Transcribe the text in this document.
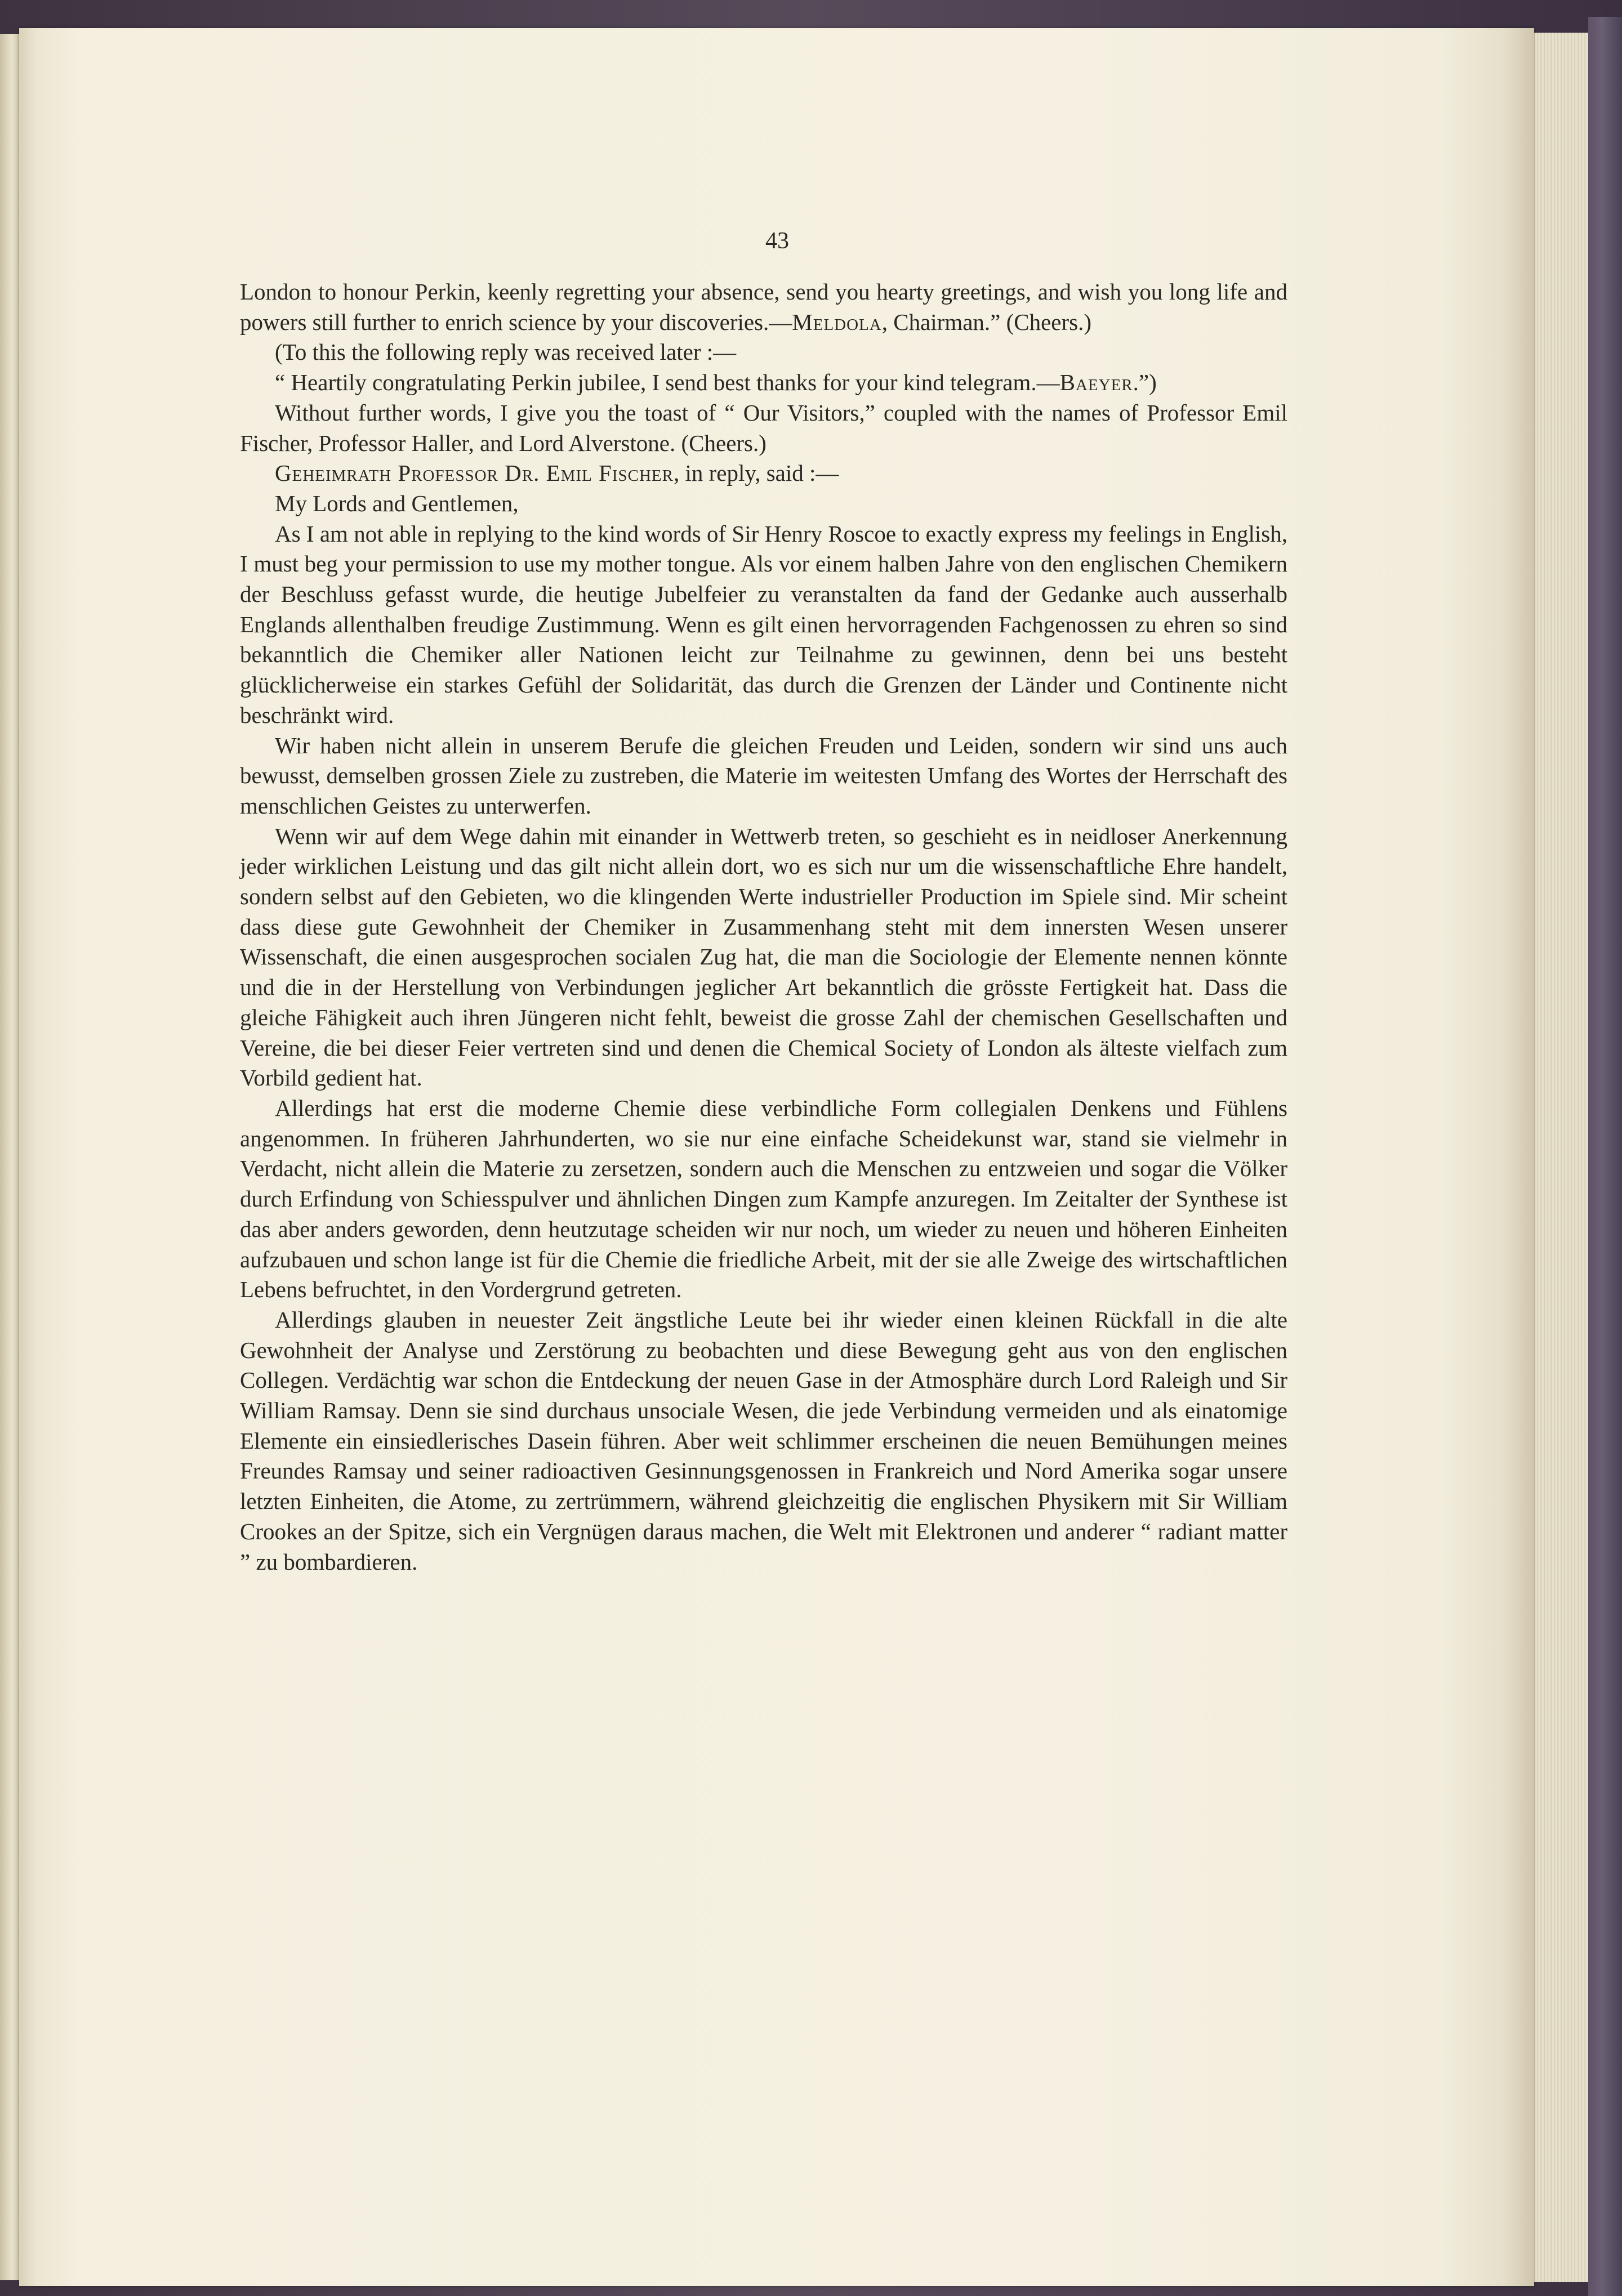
43

London to honour Perkin, keenly regretting your absence, send you hearty greetings, and wish you long life and powers still further to enrich science by your discoveries.—Meldola, Chairman.” (Cheers.)

(To this the following reply was received later :—

“ Heartily congratulating Perkin jubilee, I send best thanks for your kind telegram.—Baeyer.”)

Without further words, I give you the toast of “ Our Visitors,” coupled with the names of Professor Emil Fischer, Professor Haller, and Lord Alverstone. (Cheers.)

Geheimrath Professor Dr. Emil Fischer, in reply, said :—

My Lords and Gentlemen,

As I am not able in replying to the kind words of Sir Henry Roscoe to exactly express my feelings in English, I must beg your permission to use my mother tongue. Als vor einem halben Jahre von den englischen Chemikern der Beschluss gefasst wurde, die heutige Jubelfeier zu veranstalten da fand der Gedanke auch ausserhalb Englands allenthalben freudige Zustimmung. Wenn es gilt einen hervorragenden Fachgenossen zu ehren so sind bekanntlich die Chemiker aller Nationen leicht zur Teilnahme zu gewinnen, denn bei uns besteht glücklicherweise ein starkes Gefühl der Solidarität, das durch die Grenzen der Länder und Continente nicht beschränkt wird.

Wir haben nicht allein in unserem Berufe die gleichen Freuden und Leiden, sondern wir sind uns auch bewusst, demselben grossen Ziele zu zustreben, die Materie im weitesten Umfang des Wortes der Herrschaft des menschlichen Geistes zu unterwerfen.

Wenn wir auf dem Wege dahin mit einander in Wettwerb treten, so geschieht es in neidloser Anerkennung jeder wirklichen Leistung und das gilt nicht allein dort, wo es sich nur um die wissenschaftliche Ehre handelt, sondern selbst auf den Gebieten, wo die klingenden Werte industrieller Production im Spiele sind. Mir scheint dass diese gute Gewohnheit der Chemiker in Zusammenhang steht mit dem innersten Wesen unserer Wissenschaft, die einen ausgesprochen socialen Zug hat, die man die Sociologie der Elemente nennen könnte und die in der Herstellung von Verbindungen jeglicher Art bekanntlich die grösste Fertigkeit hat. Dass die gleiche Fähigkeit auch ihren Jüngeren nicht fehlt, beweist die grosse Zahl der chemischen Gesellschaften und Vereine, die bei dieser Feier vertreten sind und denen die Chemical Society of London als älteste vielfach zum Vorbild gedient hat.

Allerdings hat erst die moderne Chemie diese verbindliche Form collegialen Denkens und Fühlens angenommen. In früheren Jahrhunderten, wo sie nur eine einfache Scheidekunst war, stand sie vielmehr in Verdacht, nicht allein die Materie zu zersetzen, sondern auch die Menschen zu entzweien und sogar die Völker durch Erfindung von Schiesspulver und ähnlichen Dingen zum Kampfe anzuregen. Im Zeitalter der Synthese ist das aber anders geworden, denn heutzutage scheiden wir nur noch, um wieder zu neuen und höheren Einheiten aufzubauen und schon lange ist für die Chemie die friedliche Arbeit, mit der sie alle Zweige des wirtschaftlichen Lebens befruchtet, in den Vordergrund getreten.

Allerdings glauben in neuester Zeit ängstliche Leute bei ihr wieder einen kleinen Rückfall in die alte Gewohnheit der Analyse und Zerstörung zu beobachten und diese Bewegung geht aus von den englischen Collegen. Verdächtig war schon die Entdeckung der neuen Gase in der Atmosphäre durch Lord Raleigh und Sir William Ramsay. Denn sie sind durchaus unsociale Wesen, die jede Verbindung vermeiden und als einatomige Elemente ein einsiedlerisches Dasein führen. Aber weit schlimmer erscheinen die neuen Bemühungen meines Freundes Ramsay und seiner radioactiven Gesinnungsgenossen in Frankreich und Nord Amerika sogar unsere letzten Einheiten, die Atome, zu zertrümmern, während gleichzeitig die englischen Physikern mit Sir William Crookes an der Spitze, sich ein Vergnügen daraus machen, die Welt mit Elektronen und anderer “ radiant matter ” zu bombardieren.
